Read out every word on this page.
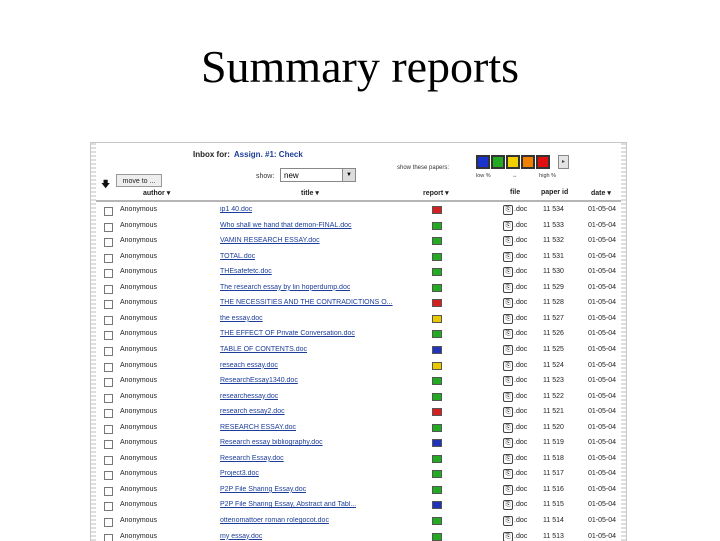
Summary reports
Inbox for: Assign. #1: Check
show these papers:
low %	↔	high %
▸
show:	new	▼
🡇	move to ...
author ▾	title ▾	report ▾	file	paper id	date ▾
Anonymous	ip1 40.doc	⎘ .doc 11 534	01-05-04
Anonymous	Who shall we hand that demon-FINAL.doc	⎘ .doc 11 533	01-05-04
Anonymous	VAMIN RESEARCH ESSAY.doc	⎘ .doc 11 532	01-05-04
Anonymous	TOTAL.doc	⎘ .doc 11 531	01-05-04
Anonymous	THEsafefetc.doc	⎘ .doc 11 530	01-05-04
Anonymous	The research essay by lin hoperdump.doc	⎘ .doc 11 529	01-05-04
Anonymous	THE NECESSITIES AND THE CONTRADICTIONS O...	⎘ .doc 11 528	01-05-04
Anonymous	the essay.doc	⎘ .doc 11 527	01-05-04
Anonymous	THE EFFECT OF Private Conversation.doc	⎘ .doc 11 526	01-05-04
Anonymous	TABLE OF CONTENTS.doc	⎘ .doc 11 525	01-05-04
Anonymous	reseach essay.doc	⎘ .doc 11 524	01-05-04
Anonymous	ResearchEssay1340.doc	⎘ .doc 11 523	01-05-04
Anonymous	researchessay.doc	⎘ .doc 11 522	01-05-04
Anonymous	research essay2.doc	⎘ .doc 11 521	01-05-04
Anonymous	RESEARCH ESSAY.doc	⎘ .doc 11 520	01-05-04
Anonymous	Research essay bibliography.doc	⎘ .doc 11 519	01-05-04
Anonymous	Research Essay.doc	⎘ .doc 11 518	01-05-04
Anonymous	Project3.doc	⎘ .doc 11 517	01-05-04
Anonymous	P2P File Sharing Essay.doc	⎘ .doc 11 516	01-05-04
Anonymous	P2P File Sharing Essay, Abstract and Tabl...	⎘ .doc 11 515	01-05-04
Anonymous	ottenomattoer roman rolegocot.doc	⎘ .doc 11 514	01-05-04
Anonymous	my essay.doc	⎘ .doc 11 513	01-05-04
